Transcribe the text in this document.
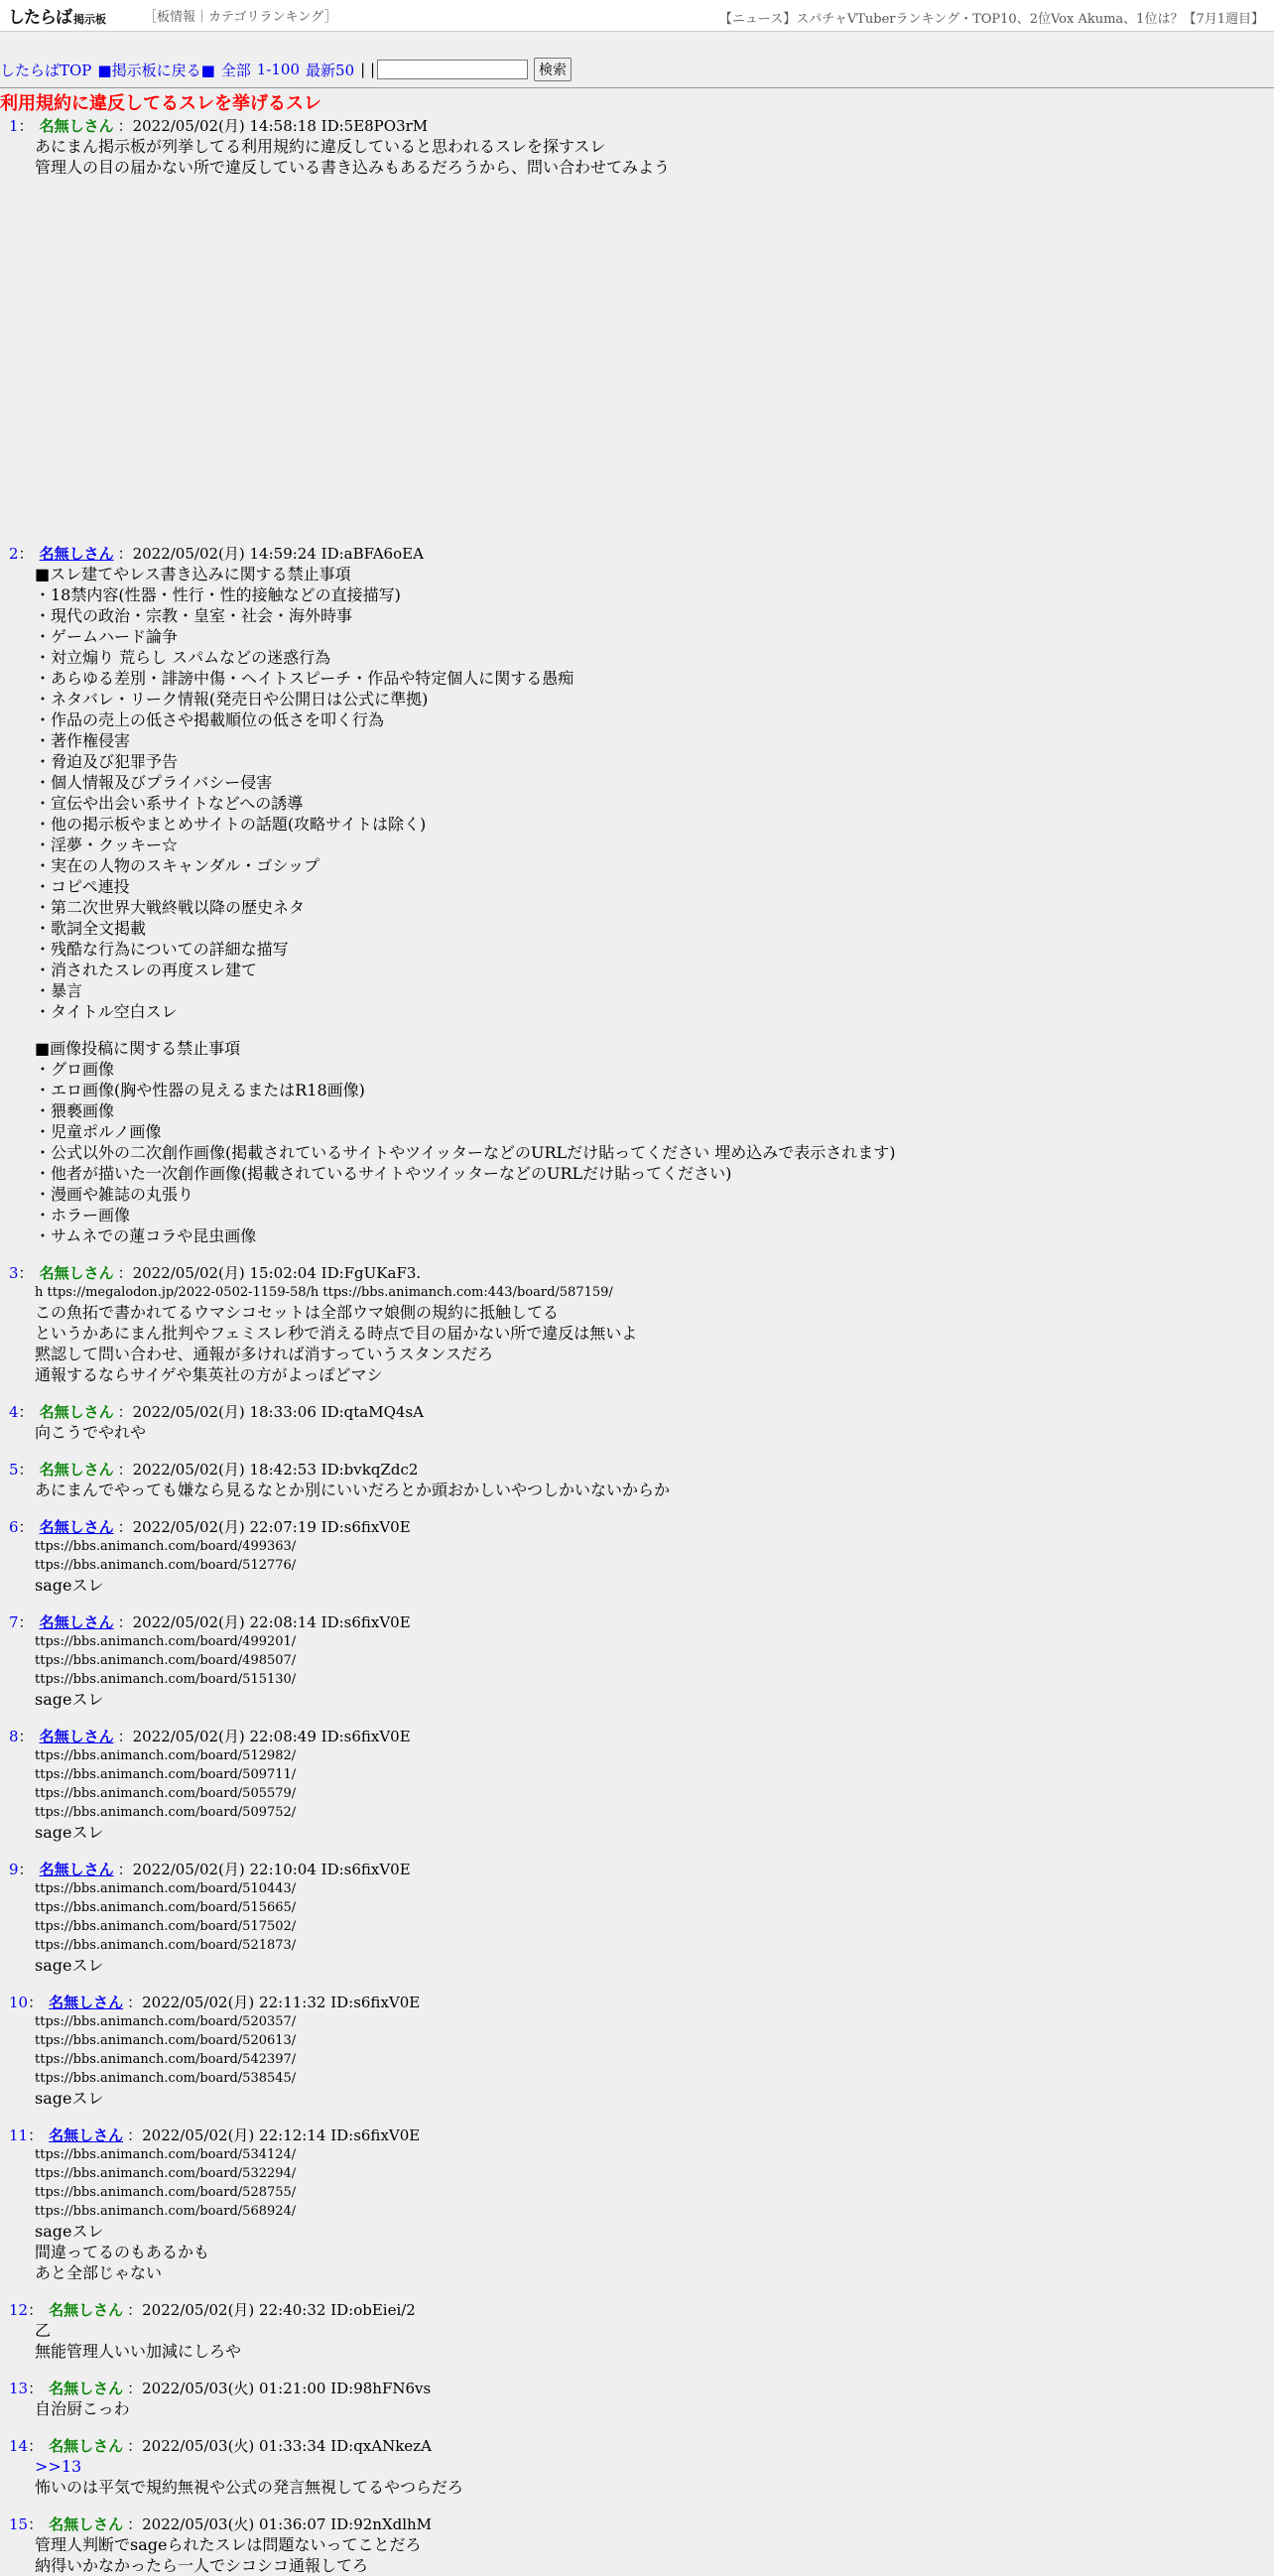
したらば 掲示板	［板情報｜カテゴリランキング］	【ニュース】スパチャVTuberランキング・TOP10、2位Vox Akuma、1位は？【7月1週目】
したらばTOP ■掲示板に戻る■ 全部 1-100 最新50 | |	検索
利用規約に違反してるスレを挙げるスレ
1： 名無しさん ：2022/05/02(月) 14:58:18 ID:5E8PO3rM
あにまん掲示板が列挙してる利用規約に違反していると思われるスレを探すスレ
管理人の目の届かない所で違反している書き込みもあるだろうから、問い合わせてみよう
2： 名無しさん ：2022/05/02(月) 14:59:24 ID:aBFA6oEA
■スレ建てやレス書き込みに関する禁止事項
・18禁内容(性器・性行・性的接触などの直接描写)
・現代の政治・宗教・皇室・社会・海外時事
・ゲームハード論争
・対立煽り 荒らし スパムなどの迷惑行為
・あらゆる差別・誹謗中傷・ヘイトスピーチ・作品や特定個人に関する愚痴
・ネタバレ・リーク情報(発売日や公開日は公式に準拠)
・作品の売上の低さや掲載順位の低さを叩く行為
・著作権侵害
・脅迫及び犯罪予告
・個人情報及びプライバシー侵害
・宣伝や出会い系サイトなどへの誘導
・他の掲示板やまとめサイトの話題(攻略サイトは除く)
・淫夢・クッキー☆
・実在の人物のスキャンダル・ゴシップ
・コピペ連投
・第二次世界大戦終戦以降の歴史ネタ
・歌詞全文掲載
・残酷な行為についての詳細な描写
・消されたスレの再度スレ建て
・暴言
・タイトル空白スレ
■画像投稿に関する禁止事項
・グロ画像
・エロ画像(胸や性器の見えるまたはR18画像)
・猥褻画像
・児童ポルノ画像
・公式以外の二次創作画像(掲載されているサイトやツイッターなどのURLだけ貼ってください 埋め込みで表示されます)
・他者が描いた一次創作画像(掲載されているサイトやツイッターなどのURLだけ貼ってください)
・漫画や雑誌の丸張り
・ホラー画像
・サムネでの蓮コラや昆虫画像
3： 名無しさん ：2022/05/02(月) 15:02:04 ID:FgUKaF3.
h ttps://megalodon.jp/2022-0502-1159-58/h ttps://bbs.animanch.com:443/board/587159/
この魚拓で書かれてるウマシコセットは全部ウマ娘側の規約に抵触してる
というかあにまん批判やフェミスレ秒で消える時点で目の届かない所で違反は無いよ
黙認して問い合わせ、通報が多ければ消すっていうスタンスだろ
通報するならサイゲや集英社の方がよっぽどマシ
4： 名無しさん ：2022/05/02(月) 18:33:06 ID:qtaMQ4sA
向こうでやれや
5： 名無しさん ：2022/05/02(月) 18:42:53 ID:bvkqZdc2
あにまんでやっても嫌なら見るなとか別にいいだろとか頭おかしいやつしかいないからか
6： 名無しさん ：2022/05/02(月) 22:07:19 ID:s6fixV0E
ttps://bbs.animanch.com/board/499363/
ttps://bbs.animanch.com/board/512776/
sageスレ
7： 名無しさん ：2022/05/02(月) 22:08:14 ID:s6fixV0E
ttps://bbs.animanch.com/board/499201/
ttps://bbs.animanch.com/board/498507/
ttps://bbs.animanch.com/board/515130/
sageスレ
8： 名無しさん ：2022/05/02(月) 22:08:49 ID:s6fixV0E
ttps://bbs.animanch.com/board/512982/
ttps://bbs.animanch.com/board/509711/
ttps://bbs.animanch.com/board/505579/
ttps://bbs.animanch.com/board/509752/
sageスレ
9： 名無しさん ：2022/05/02(月) 22:10:04 ID:s6fixV0E
ttps://bbs.animanch.com/board/510443/
ttps://bbs.animanch.com/board/515665/
ttps://bbs.animanch.com/board/517502/
ttps://bbs.animanch.com/board/521873/
sageスレ
10： 名無しさん ：2022/05/02(月) 22:11:32 ID:s6fixV0E
ttps://bbs.animanch.com/board/520357/
ttps://bbs.animanch.com/board/520613/
ttps://bbs.animanch.com/board/542397/
ttps://bbs.animanch.com/board/538545/
sageスレ
11： 名無しさん ：2022/05/02(月) 22:12:14 ID:s6fixV0E
ttps://bbs.animanch.com/board/534124/
ttps://bbs.animanch.com/board/532294/
ttps://bbs.animanch.com/board/528755/
ttps://bbs.animanch.com/board/568924/
sageスレ
間違ってるのもあるかも
あと全部じゃない
12： 名無しさん ：2022/05/02(月) 22:40:32 ID:obEiei/2
乙
無能管理人いい加減にしろや
13： 名無しさん ：2022/05/03(火) 01:21:00 ID:98hFN6vs
自治厨こっわ
14： 名無しさん ：2022/05/03(火) 01:33:34 ID:qxANkezA
>>13

怖いのは平気で規約無視や公式の発言無視してるやつらだろ
15： 名無しさん ：2022/05/03(火) 01:36:07 ID:92nXdlhM
管理人判断でsageられたスレは問題ないってことだろ
納得いかなかったら一人でシコシコ通報してろ
